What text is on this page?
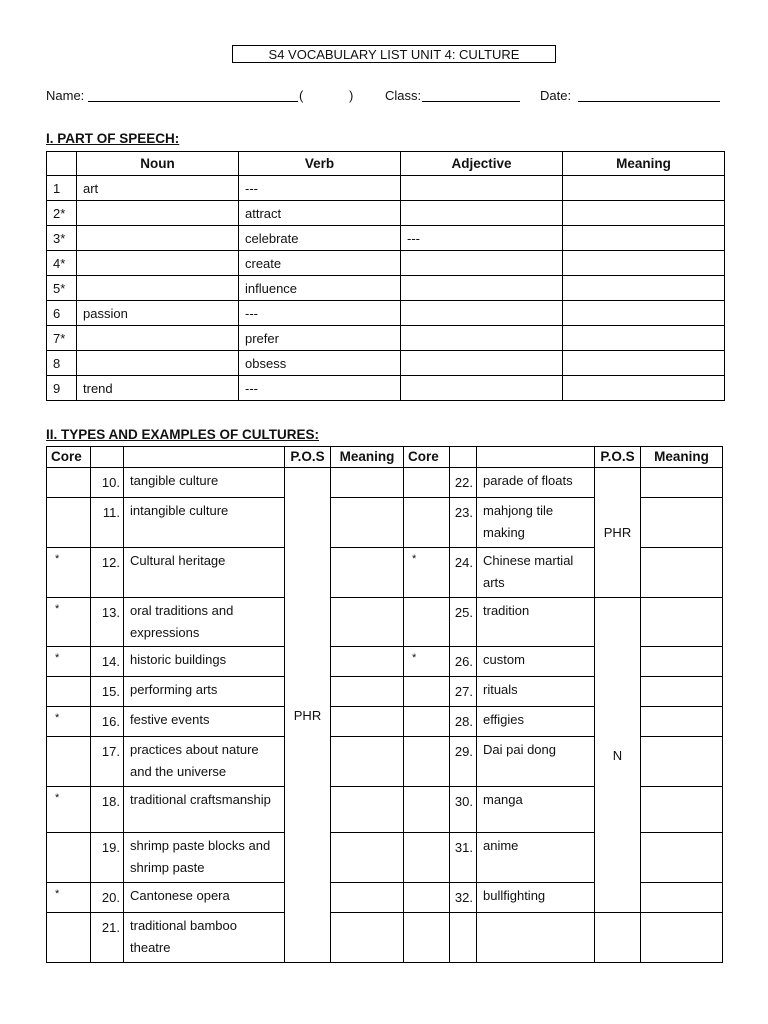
S4 VOCABULARY LIST UNIT 4: CULTURE
Name:	(	) Class:	Date:
I. PART OF SPEECH:
	Noun	Verb	Adjective	Meaning
1	art	---		
2*		attract		
3*		celebrate	---	
4*		create		
5*		influence		
6	passion	---		
7*		prefer		
8		obsess		
9	trend	---		
II. TYPES AND EXAMPLES OF CULTURES:
Core			P.O.S	Meaning	Core			P.O.S	Meaning
	10.	tangible culture	PHR			22.	parade of floats	PHR	
	11.	intangible culture				23.	mahjong tile making		
*	12.	Cultural heritage			*	24.	Chinese martial arts		
*	13.	oral traditions and expressions				25.	tradition	N	
*	14.	historic buildings			*	26.	custom		
	15.	performing arts				27.	rituals		
*	16.	festive events				28.	effigies		
	17.	practices about nature and the universe				29.	Dai pai dong		
*	18.	traditional craftsmanship				30.	manga		
	19.	shrimp paste blocks and shrimp paste				31.	anime		
*	20.	Cantonese opera				32.	bullfighting		
	21.	traditional bamboo theatre							
